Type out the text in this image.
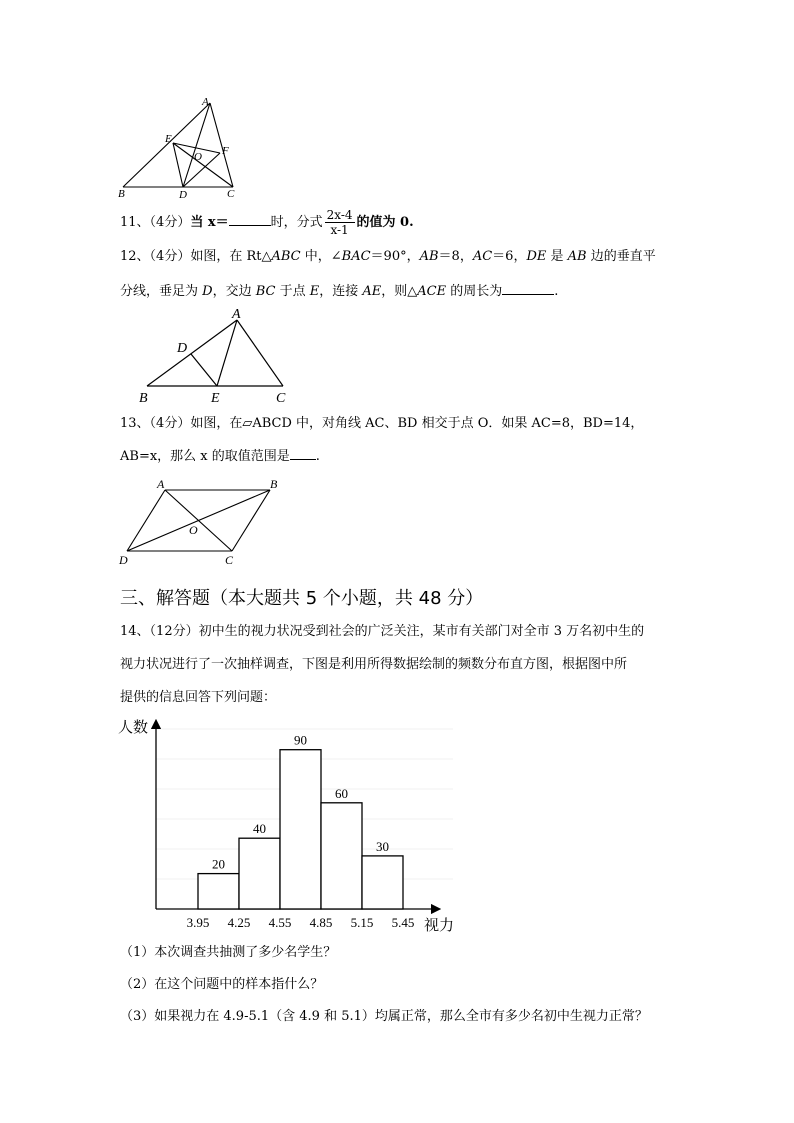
A
E
O F
B	D	C
11、（4分）当 x＝	时，分式 $\frac{2x-4}{x-1}$ 的值为 0.
12、（4分）如图，在 Rt△ABC 中，∠BAC＝90°，AB＝8，AC＝6，DE 是 AB 边的垂直平
分线，垂足为 D，交边 BC 于点 E，连接 AE，则△ACE 的周长为	.
A
D
B	E	C
13、（4分）如图，在▱ABCD 中，对角线 AC、BD 相交于点 O．如果 AC=8，BD=14，
AB=x，那么 x 的取值范围是 .
A	B
O
D	C
三、解答题（本大题共 5 个小题，共 48 分）
14、（12分）初中生的视力状况受到社会的广泛关注，某市有关部门对全市 3 万名初中生的
视力状况进行了一次抽样调查，下图是利用所得数据绘制的频数分布直方图，根据图中所
提供的信息回答下列问题：
人数
视力
20
40
90
60
30
3.95 4.25 4.55 4.85 5.15 5.45
（1）本次调查共抽测了多少名学生？
（2）在这个问题中的样本指什么？
（3）如果视力在 4.9-5.1（含 4.9 和 5.1）均属正常，那么全市有多少名初中生视力正常？
